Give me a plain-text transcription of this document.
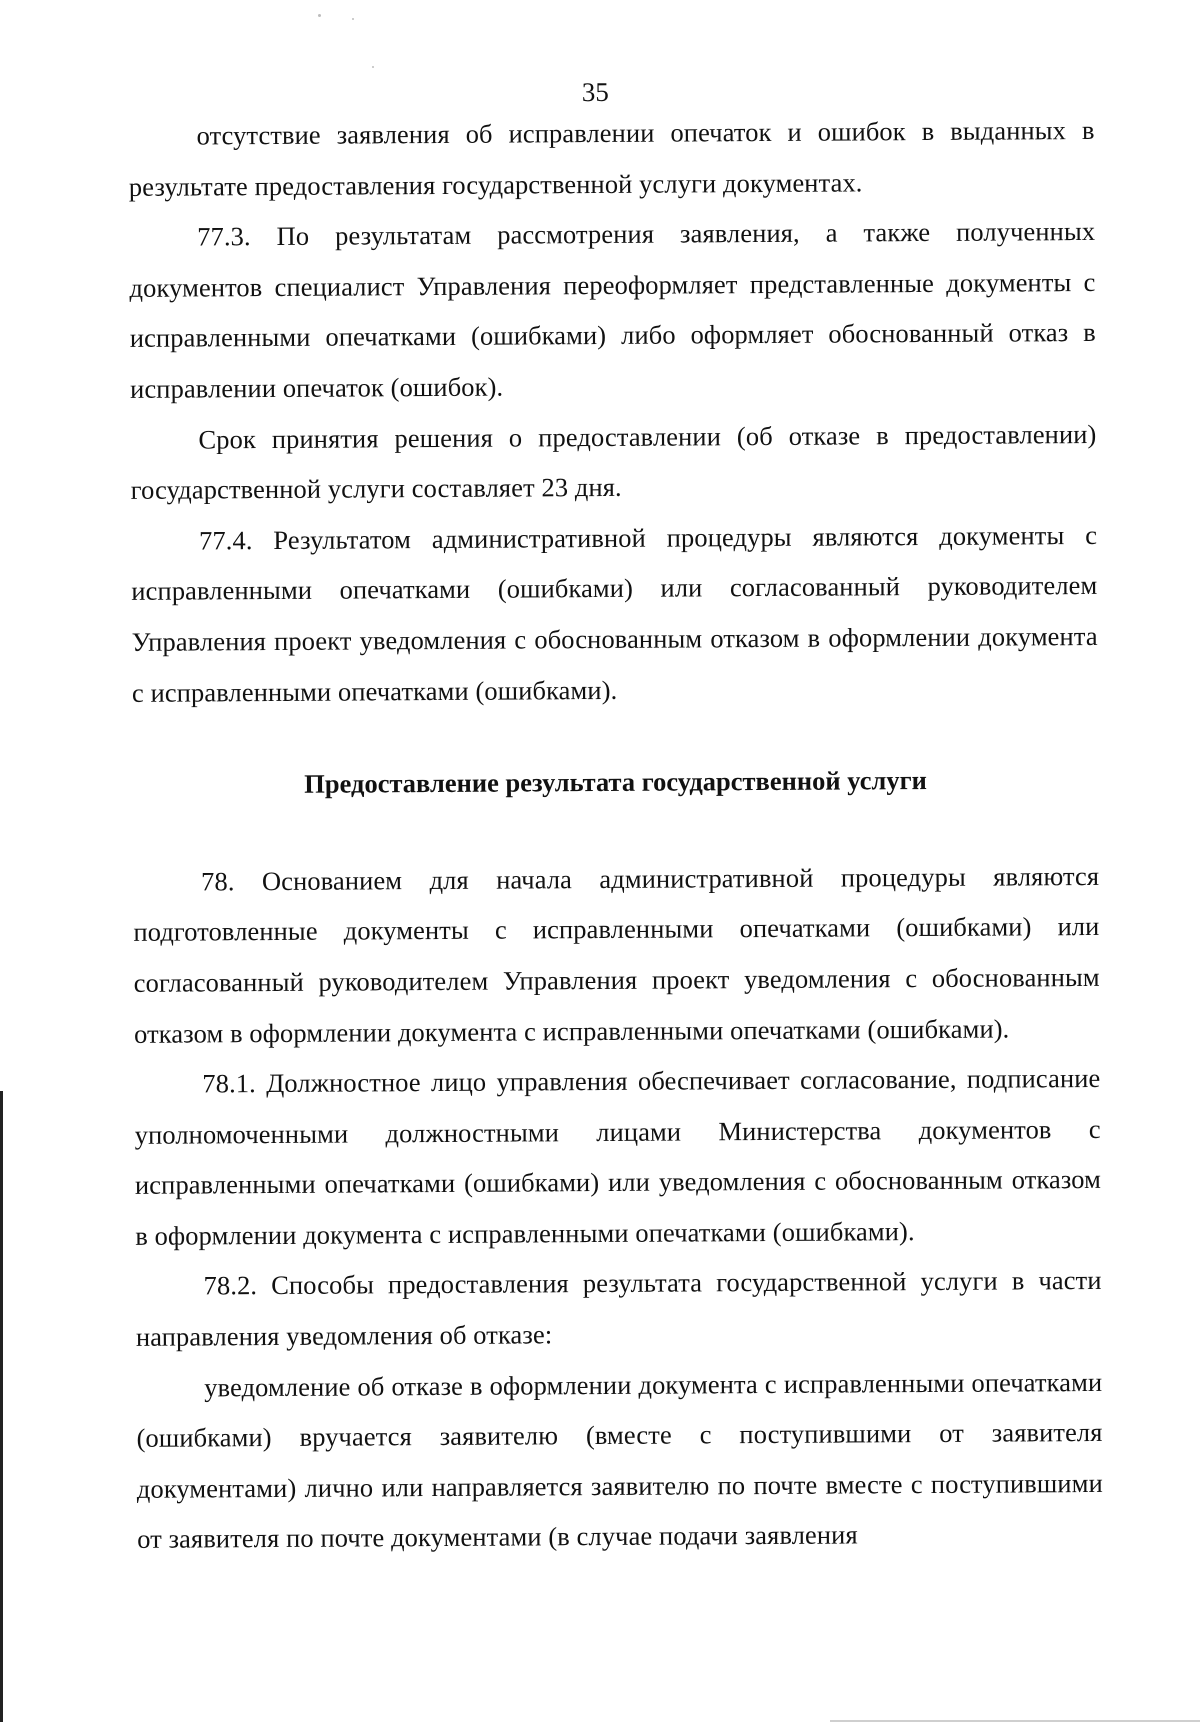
35

отсутствие заявления об исправлении опечаток и ошибок в выданных в результате предоставления государственной услуги документах.

77.3. По результатам рассмотрения заявления, а также полученных документов специалист Управления переоформляет представленные документы с исправленными опечатками (ошибками) либо оформляет обоснованный отказ в исправлении опечаток (ошибок).

Срок принятия решения о предоставлении (об отказе в предоставлении) государственной услуги составляет 23 дня.

77.4. Результатом административной процедуры являются документы с исправленными опечатками (ошибками) или согласованный руководителем Управления проект уведомления с обоснованным отказом в оформлении документа с исправленными опечатками (ошибками).

Предоставление результата государственной услуги

78. Основанием для начала административной процедуры являются подготовленные документы с исправленными опечатками (ошибками) или согласованный руководителем Управления проект уведомления с обоснованным отказом в оформлении документа с исправленными опечатками (ошибками).

78.1. Должностное лицо управления обеспечивает согласование, подписание уполномоченными должностными лицами Министерства документов с исправленными опечатками (ошибками) или уведомления с обоснованным отказом в оформлении документа с исправленными опечатками (ошибками).

78.2. Способы предоставления результата государственной услуги в части направления уведомления об отказе:

уведомление об отказе в оформлении документа с исправленными опечатками (ошибками) вручается заявителю (вместе с поступившими от заявителя документами) лично или направляется заявителю по почте вместе с поступившими от заявителя по почте документами (в случае подачи заявления
